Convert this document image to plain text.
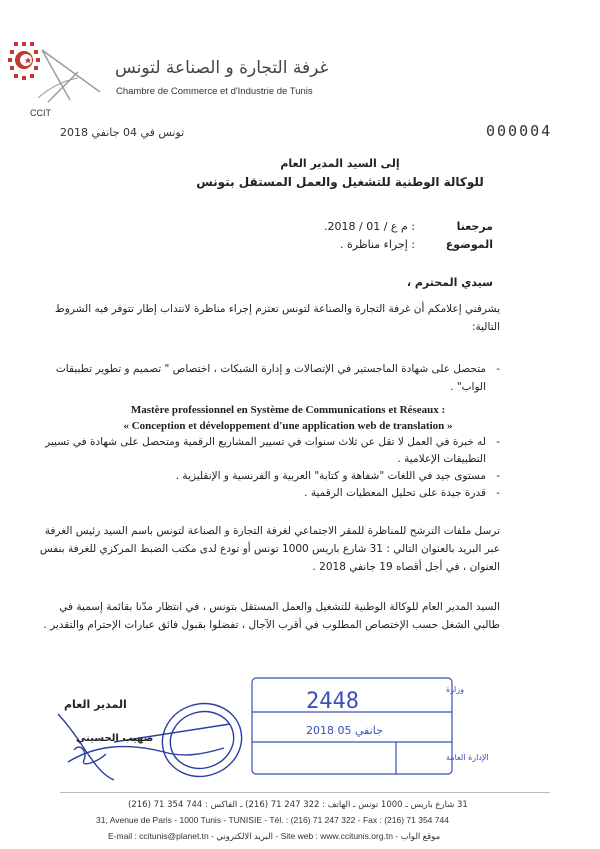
CCIT
غرفة التجارة و الصناعة لتونس
Chambre de Commerce et d'Industrie de Tunis
000004
تونس في 04 جانفي 2018
إلى السيد المدير العام
للوكالة الوطنية للتشغيل والعمل المستقل بتونس
مرجعنا
: م ع / 01 / 2018.
الموضوع
: إجراء مناظرة .
سيدي المحترم ،
يشرفني إعلامكم أن غرفة التجارة والصناعة لتونس تعتزم إجراء مناظرة لانتداب إطار تتوفر فيه الشروط التالية:
- متحصل على شهادة الماجستير في الإتصالات و إدارة الشبكات ، اختصاص " تصميم و تطوير تطبيقات الواب" .
Mastère professionnel en Système de Communications et Réseaux :
« Conception et développement d'une application web de translation »
- له خبرة في العمل لا تقل عن ثلاث سنوات في تسيير المشاريع الرقمية ومتحصل على شهادة في تسيير التطبيقات الإعلامية .
- مستوى جيد في اللغات "شفاهة و كتابة" العربية و الفرنسية و الإنقليزية .
- قدرة جيدة على تحليل المعطيات الرقمية .
ترسل ملفات الترشح للمناظرة للمقر الاجتماعي لغرفة التجارة و الصناعة لتونس باسم السيد رئيس الغرفة عبر البريد بالعنوان التالي : 31 شارع باريس 1000 تونس أو تودع لدى مكتب الضبط المركزي للغرفة بنفس العنوان ، في أجل أقصاه 19 جانفي 2018 .
السيد المدير العام للوكالة الوطنية للتشغيل والعمل المستقل بتونس ، في انتظار مدّنا بقائمة إسمية في طالبي الشغل حسب الإختصاص المطلوب في أقرب الآجال ، تفضلوا بقبول فائق عبارات الإحترام والتقدير .
المدير العام
صهيب الحسيني
2448
2018 05 جانفي
وزارة
الإدارة العامة
31 شارع باريس ـ 1000 تونس ـ الهاتف : 322 247 71 (216) ـ الفاكس : 744 354 71 (216)
31, Avenue de Paris - 1000 Tunis - TUNISIE - Tél. : (216) 71 247 322 - Fax : (216) 71 354 744
E-mail : ccitunis@planet.tn - البريد الالكتروني - Site web : www.ccitunis.org.tn - موقع الواب
